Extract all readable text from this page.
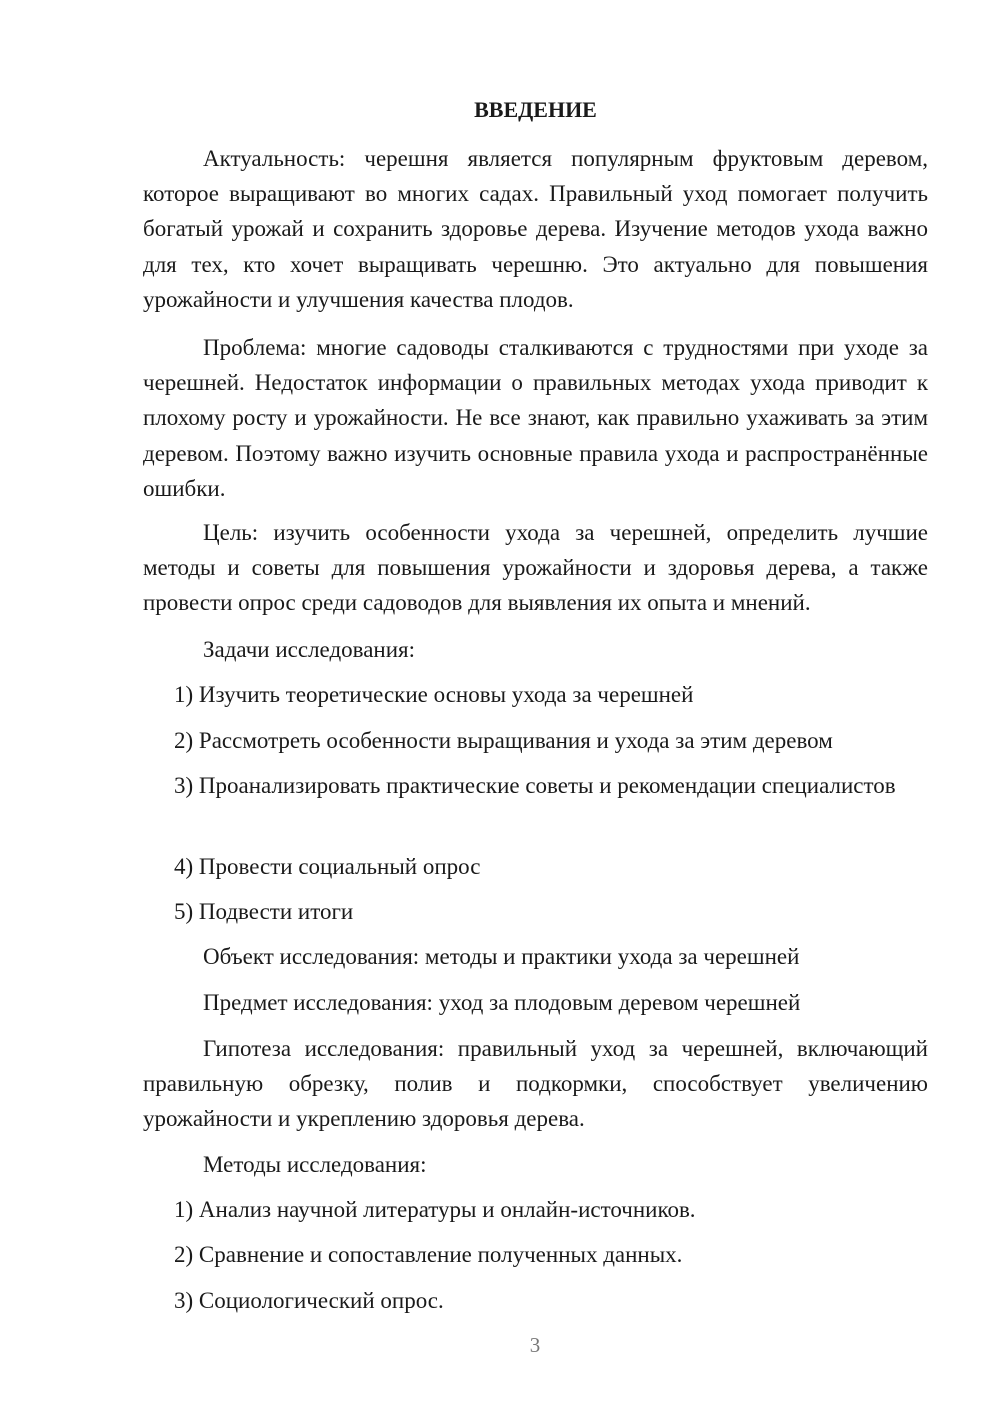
ВВЕДЕНИЕ

Актуальность: черешня является популярным фруктовым деревом, которое выращивают во многих садах. Правильный уход помогает получить богатый урожай и сохранить здоровье дерева. Изучение методов ухода важно для тех, кто хочет выращивать черешню. Это актуально для повышения урожайности и улучшения качества плодов.

Проблема: многие садоводы сталкиваются с трудностями при уходе за черешней. Недостаток информации о правильных методах ухода приводит к плохому росту и урожайности. Не все знают, как правильно ухаживать за этим деревом. Поэтому важно изучить основные правила ухода и распространённые ошибки.

Цель: изучить особенности ухода за черешней, определить лучшие методы и советы для повышения урожайности и здоровья дерева, а также провести опрос среди садоводов для выявления их опыта и мнений.

Задачи исследования:

1) Изучить теоретические основы ухода за черешней

2) Рассмотреть особенности выращивания и ухода за этим деревом

3) Проанализировать практические советы и рекомендации специалистов

4) Провести социальный опрос

5) Подвести итоги

Объект исследования: методы и практики ухода за черешней

Предмет исследования: уход за плодовым деревом черешней

Гипотеза исследования: правильный уход за черешней, включающий правильную обрезку, полив и подкормки, способствует увеличению урожайности и укреплению здоровья дерева.

Методы исследования:

1) Анализ научной литературы и онлайн-источников.

2) Сравнение и сопоставление полученных данных.

3) Социологический опрос.

3
